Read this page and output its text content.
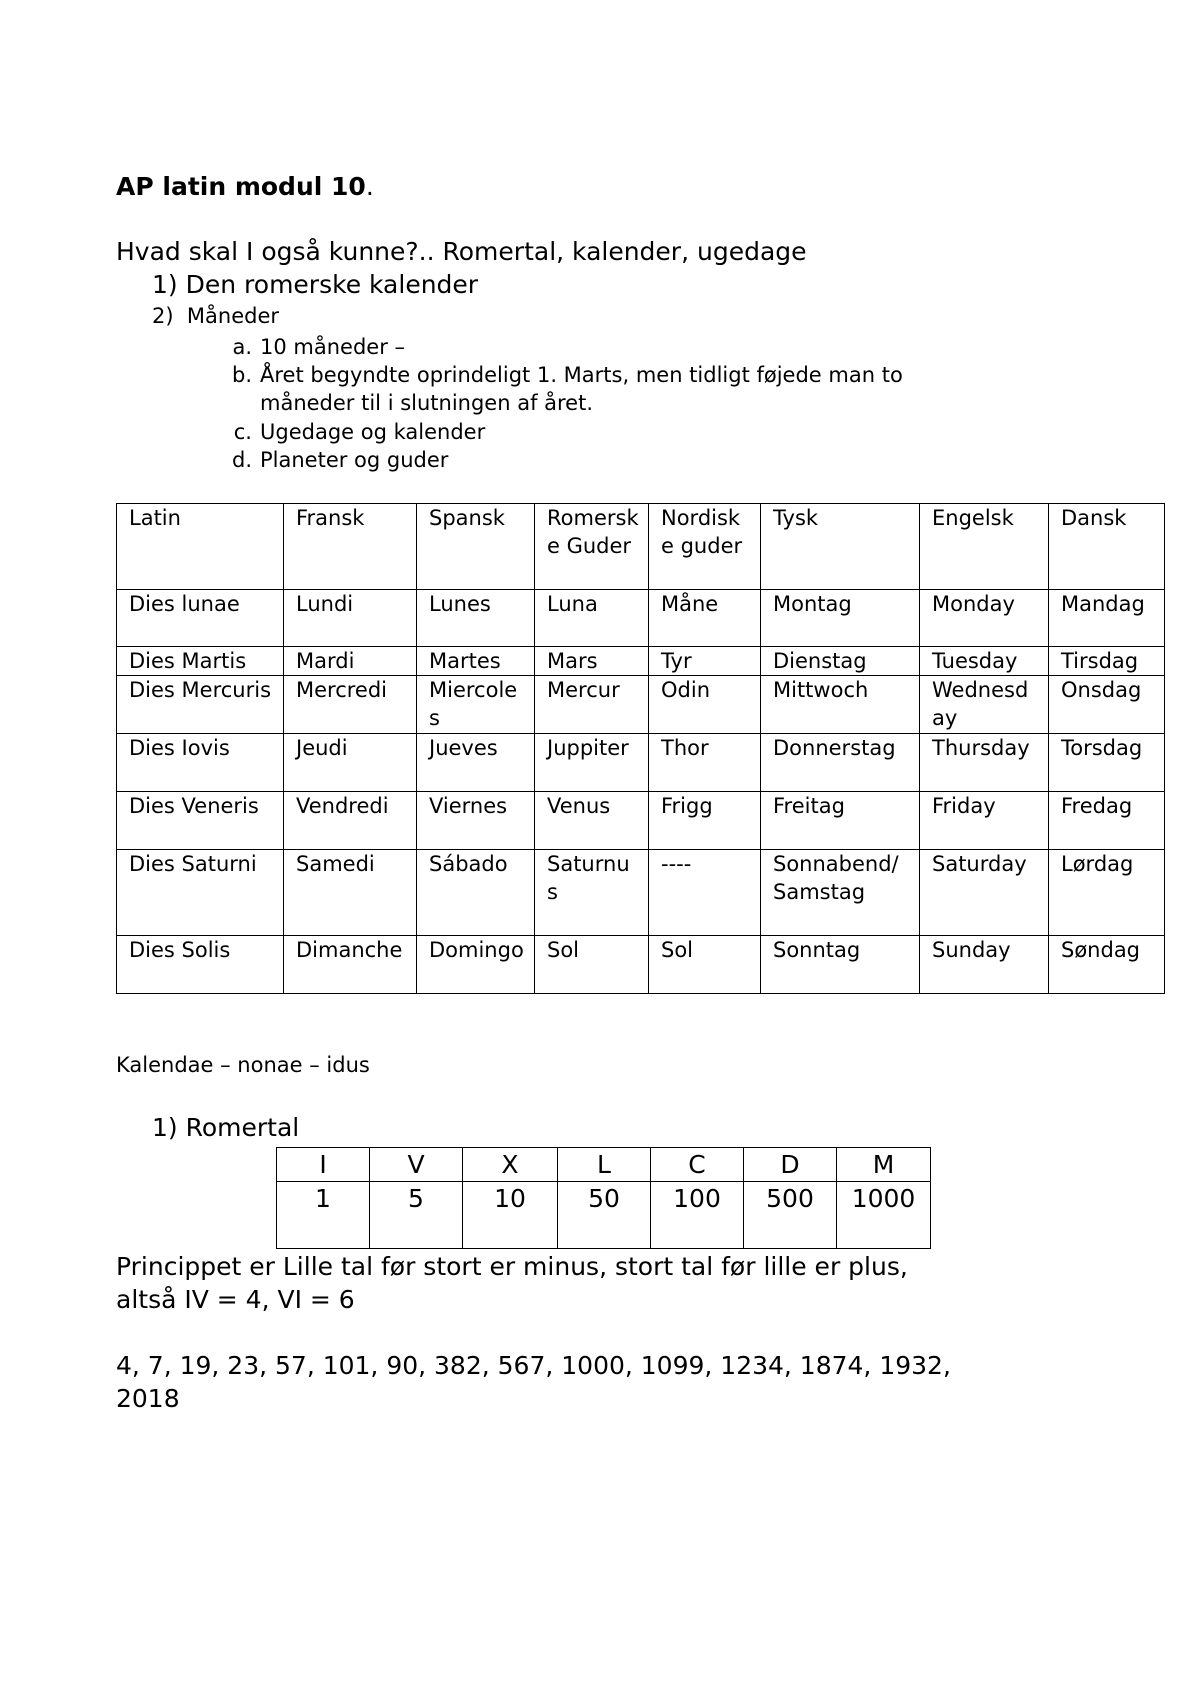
AP latin modul 10.
Hvad skal I også kunne?.. Romertal, kalender, ugedage
1) Den romerske kalender
2) Måneder
a. 10 måneder –
b. Året begyndte oprindeligt 1. Marts, men tidligt føjede man to
måneder til i slutningen af året.
c. Ugedage og kalender
d. Planeter og guder
Latin	Fransk	Spansk	Romerske Guder	Nordiske guder	Tysk	Engelsk	Dansk
Dies lunae	Lundi	Lunes	Luna	Måne	Montag	Monday	Mandag
Dies Martis	Mardi	Martes	Mars	Tyr	Dienstag	Tuesday	Tirsdag
Dies Mercuris	Mercredi	Miercoles	Mercur	Odin	Mittwoch	Wednesday	Onsdag
Dies Iovis	Jeudi	Jueves	Juppiter	Thor	Donnerstag	Thursday	Torsdag
Dies Veneris	Vendredi	Viernes	Venus	Frigg	Freitag	Friday	Fredag
Dies Saturni	Samedi	Sábado	Saturnus	----	Sonnabend/ Samstag	Saturday	Lørdag
Dies Solis	Dimanche	Domingo	Sol	Sol	Sonntag	Sunday	Søndag
Kalendae – nonae – idus
1) Romertal
I	V	X	L	C	D	M
1	5	10	50	100	500	1000
Princippet er Lille tal før stort er minus, stort tal før lille er plus,
altså IV = 4, VI = 6
4, 7, 19, 23, 57, 101, 90, 382, 567, 1000, 1099, 1234, 1874, 1932,
2018
